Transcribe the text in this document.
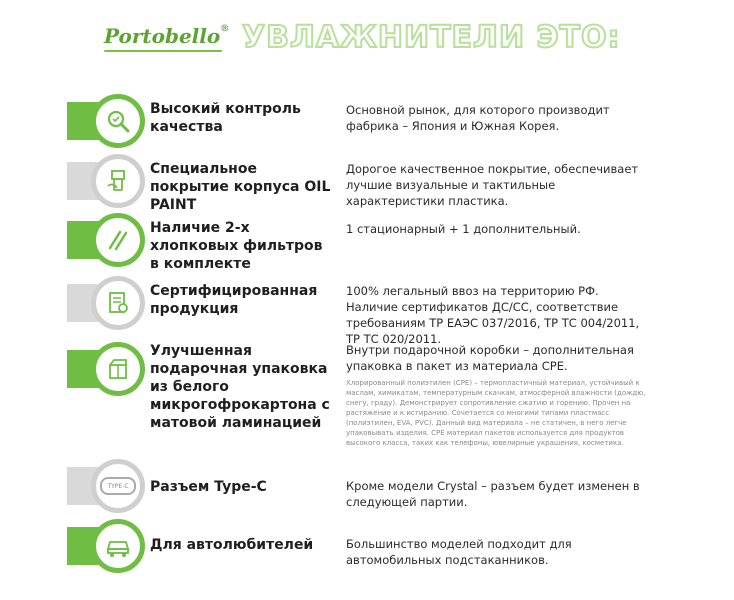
Portobello® УВЛАЖНИТЕЛИ ЭТО:
Высокий контроль качества
Основной рынок, для которого производит фабрика – Япония и Южная Корея.
Специальное покрытие корпуса OIL PAINT
Дорогое качественное покрытие, обеспечивает лучшие визуальные и тактильные характеристики пластика.
Наличие 2-х хлопковых фильтров в комплекте
1 стационарный + 1 дополнительный.
Сертифицированная продукция
100% легальный ввоз на территорию РФ. Наличие сертификатов ДС/СС, соответствие требованиям ТР ЕАЭС 037/2016, ТР ТС 004/2011, ТР ТС 020/2011.
Улучшенная подарочная упаковка из белого микрогофрокартона с матовой ламинацией
Внутри подарочной коробки – дополнительная упаковка в пакет из материала CPE.
Хлорированный полиэтилен (CPE) – термопластичный материал, устойчивый к маслам, химикатам, температурным скачкам, атмосферной влажности (дождю, снегу, граду). Демонстрирует сопротивление сжатию и горению. Прочен на растяжение и к истиранию. Сочетается со многими типами пластмасс (полиэтилен, EVA, PVC). Данный вид материала – не статичен, в него легче упаковывать изделия. CPE материал пакетов используется для продуктов высокого класса, таких как телефоны, ювелирные украшения, косметика.
TYPE-C Разъем Type-C	Кроме модели Crystal – разъем будет изменен в следующей партии.
Для автолюбителей	Большинство моделей подходит для автомобильных подстаканников.
